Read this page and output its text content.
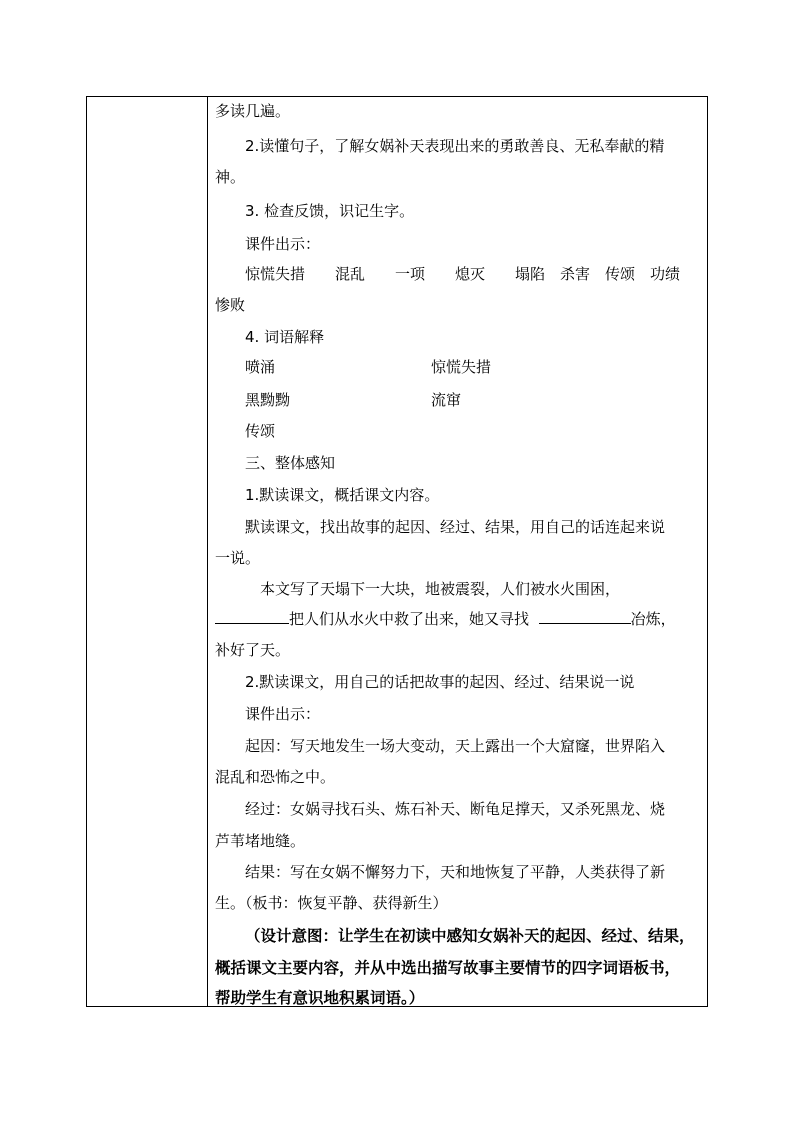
多读几遍。
2.读懂句子，了解女娲补天表现出来的勇敢善良、无私奉献的精
神。
3. 检查反馈，识记生字。
课件出示：
惊慌失措　　混乱　　一项　　熄灭　　塌陷　杀害　传颂　功绩
惨败
4. 词语解释
喷涌	惊慌失措
黑黝黝	流窜
传颂
三、整体感知
1.默读课文，概括课文内容。
默读课文，找出故事的起因、经过、结果，用自己的话连起来说
一说。
本文写了天塌下一大块，地被震裂，人们被水火围困，
把人们从水火中救了出来，她又寻找	冶炼，
补好了天。
2.默读课文，用自己的话把故事的起因、经过、结果说一说
课件出示：
起因：写天地发生一场大变动，天上露出一个大窟窿，世界陷入
混乱和恐怖之中。
经过：女娲寻找石头、炼石补天、断龟足撑天，又杀死黑龙、烧
芦苇堵地缝。
结果：写在女娲不懈努力下，天和地恢复了平静，人类获得了新
生。（板书：恢复平静、获得新生）
（设计意图：让学生在初读中感知女娲补天的起因、经过、结果，
概括课文主要内容，并从中选出描写故事主要情节的四字词语板书，
帮助学生有意识地积累词语。）
